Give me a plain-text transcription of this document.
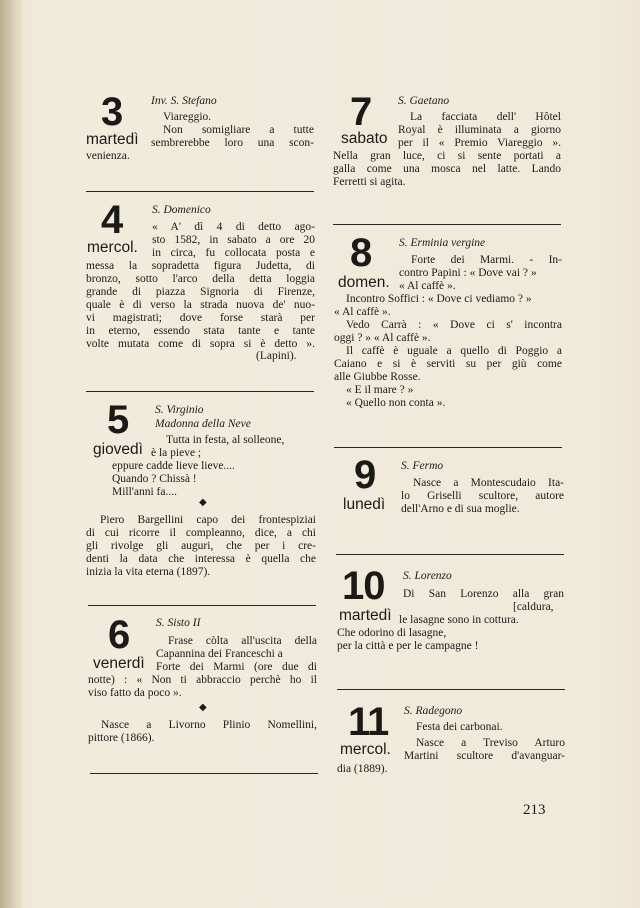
3
martedì
Inv. S. Stefano
Viareggio.
Non somigliare a tutte
sembrerebbe loro una scon-
venienza.
4
mercol.
S. Domenico
« A' dì 4 di detto ago-
sto 1582, in sabato a ore 20
in circa, fu collocata posta e
messa la sopradetta figura Judetta, di
bronzo, sotto l'arco della detta loggia
grande di piazza Signoria di Firenze,
quale è di verso la strada nuova de' nuo-
vi magistrati; dove forse starà per
in eterno, essendo stata tante e tante
volte mutata come di sopra si è detto ».
(Lapini).
5
giovedì
S. Virginio
Madonna della Neve
Tutta in festa, al solleone,
è la pieve ;
eppure cadde lieve lieve....
Quando ? Chissà !
Mill'anni fa....
◆
Piero Bargellini capo dei frontespiziai
di cui ricorre il compleanno, dice, a chi
gli rivolge gli auguri, che per i cre-
denti la data che interessa è quella che
inizia la vita eterna (1897).
6
venerdì
S. Sisto II
Frase còlta all'uscita della
Capannina dei Franceschi a
Forte dei Marmi (ore due di
notte) : « Non ti abbraccio perchè ho il
viso fatto da poco ».
◆
Nasce a Livorno Plinio Nomellini,
pittore (1866).
7
sabato
S. Gaetano
La facciata dell' Hôtel
Royal è illuminata a giorno
per il « Premio Viareggio ».
Nella gran luce, ci si sente portati a
galla come una mosca nel latte. Lando
Ferretti si agita.
8
domen.
S. Erminia vergine
Forte dei Marmi. - In-
contro Papini : « Dove vai ? »
« Al caffè ».
Incontro Soffici : « Dove ci vediamo ? »
« Al caffè ».
Vedo Carrà : « Dove ci s' incontra
oggi ? » « Al caffè ».
Il caffè è uguale a quello di Poggio a
Caiano e si è serviti su per giù come
alle Giubbe Rosse.
« E il mare ? »
« Quello non conta ».
9
lunedì
S. Fermo
Nasce a Montescudaio Ita-
lo Griselli scultore, autore
dell'Arno e di sua moglie.
10
martedì
S. Lorenzo
Di San Lorenzo alla gran
[caldura,
le lasagne sono in cottura.
Che odorino di lasagne,
per la città e per le campagne !
11
mercol.
S. Radegono
Festa dei carbonai.
Nasce a Treviso Arturo
Martini scultore d'avanguar-
dia (1889).
213
